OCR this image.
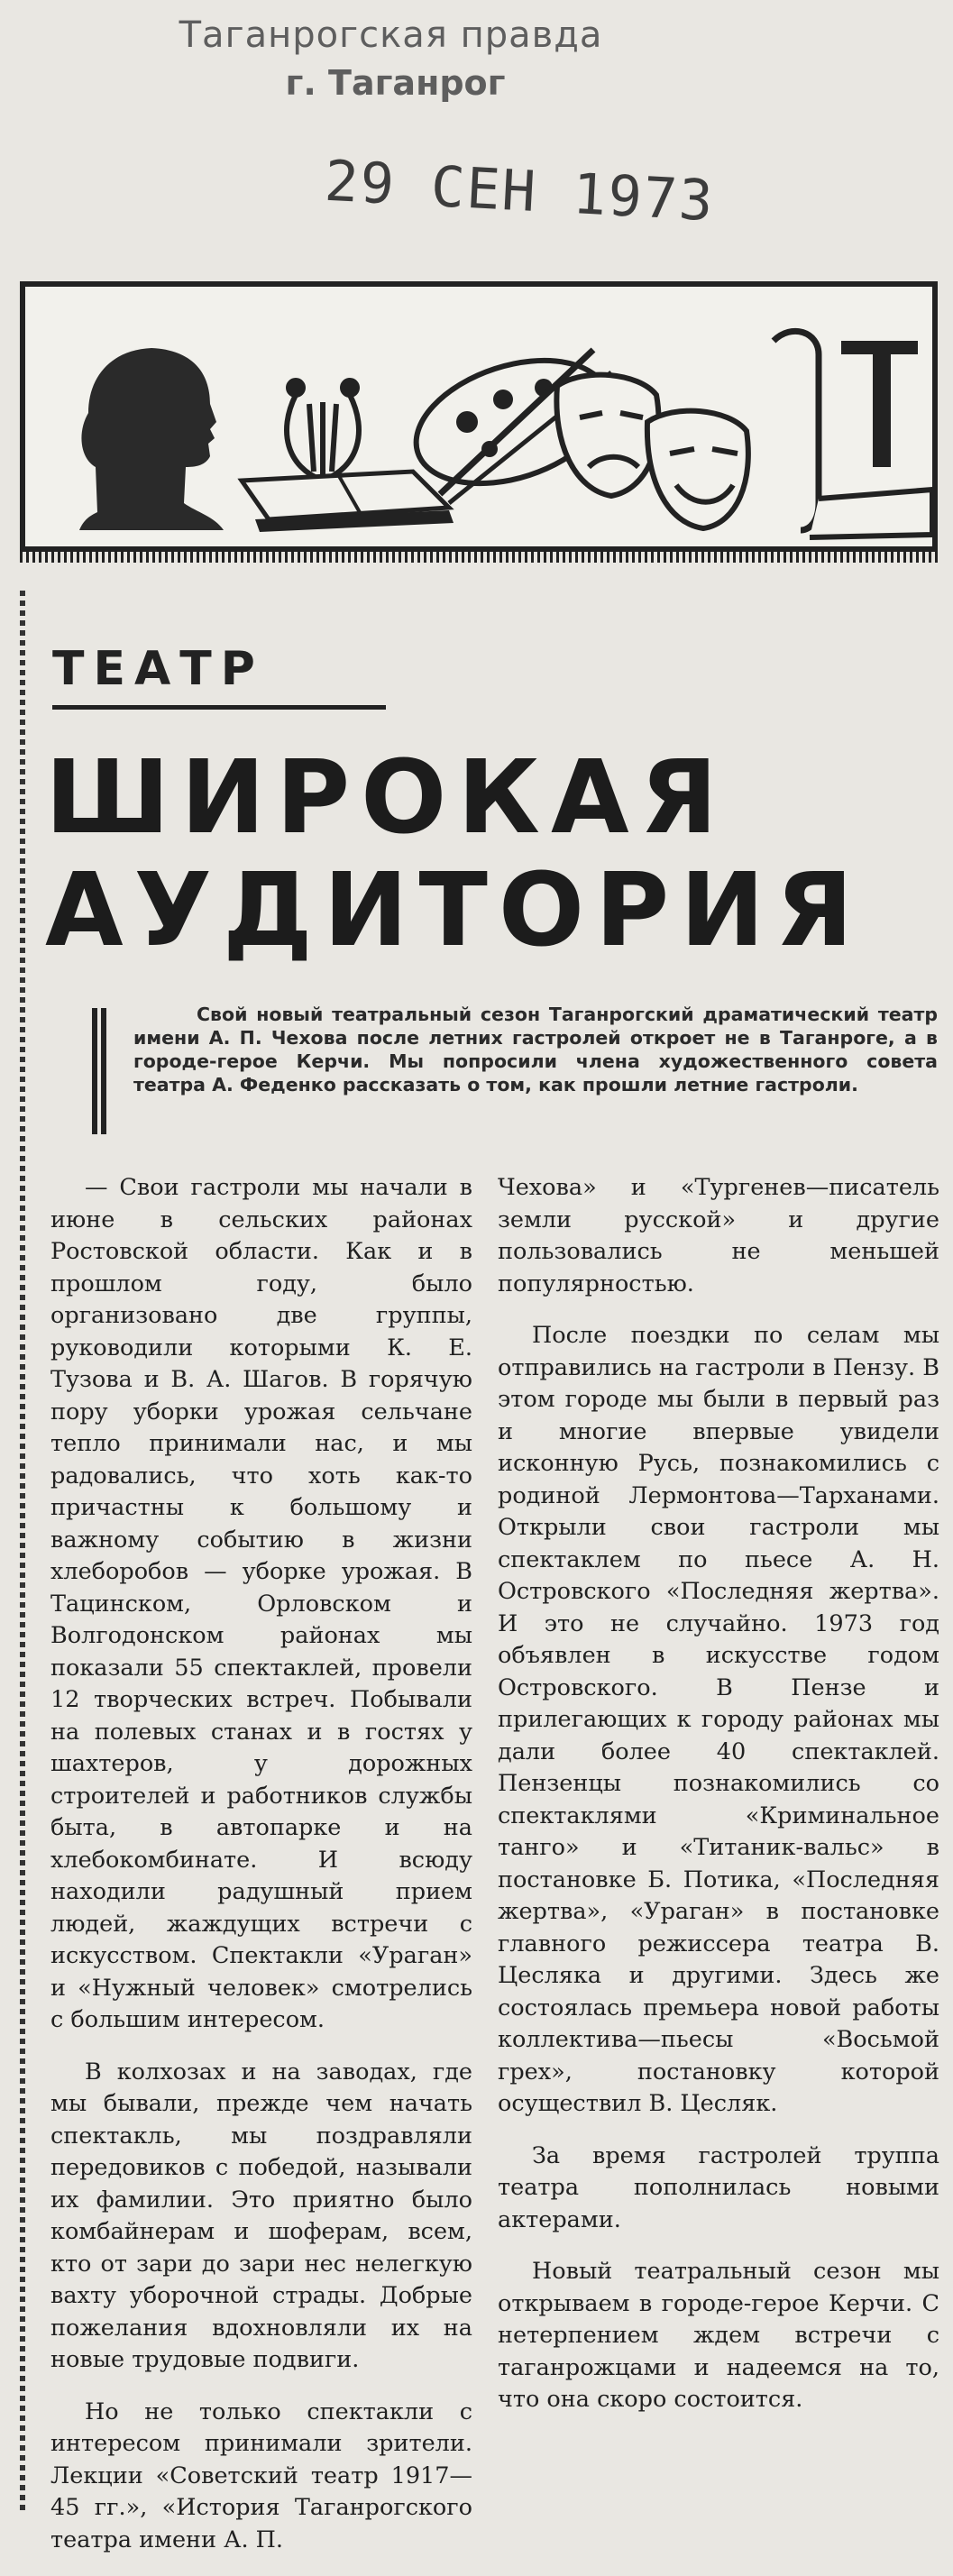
Таганрогская правда
г. Таганрог
29 СЕН 1973
ТЕАТР
ШИРОКАЯ
АУДИТОРИЯ

Свой новый театральный сезон Таганрогский драматический театр имени А. П. Чехова после летних гастролей откроет не в Таганроге, а в городе-герое Керчи. Мы попросили члена художественного совета театра А. Феденко рассказать о том, как прошли летние гастроли.

— Свои гастроли мы начали в июне в сельских районах Ростовской области. Как и в прошлом году, было организовано две группы, руководили которыми К. Е. Тузова и В. А. Шагов. В горячую пору уборки урожая сельчане тепло принимали нас, и мы радовались, что хоть как-то причастны к большому и важному событию в жизни хлеборобов — уборке урожая. В Тацинском, Орловском и Волгодонском районах мы показали 55 спектаклей, провели 12 творческих встреч. Побывали на полевых станах и в гостях у шахтеров, у дорожных строителей и работников службы быта, в автопарке и на хлебокомбинате. И всюду находили радушный прием людей, жаждущих встречи с искусством. Спектакли «Ураган» и «Нужный человек» смотрелись с большим интересом.

В колхозах и на заводах, где мы бывали, прежде чем начать спектакль, мы поздравляли передовиков с победой, называли их фамилии. Это приятно было комбайнерам и шоферам, всем, кто от зари до зари нес нелегкую вахту уборочной страды. Добрые пожелания вдохновляли их на новые трудовые подвиги.

Но не только спектакли с интересом принимали зрители. Лекции «Советский театр 1917—45 гг.», «История Таганрогского театра имени А. П.

Чехова» и «Тургенев—писатель земли русской» и другие пользовались не меньшей популярностью.

После поездки по селам мы отправились на гастроли в Пензу. В этом городе мы были в первый раз и многие впервые увидели исконную Русь, познакомились с родиной Лермонтова—Тарханами. Открыли свои гастроли мы спектаклем по пьесе А. Н. Островского «Последняя жертва». И это не случайно. 1973 год объявлен в искусстве годом Островского. В Пензе и прилегающих к городу районах мы дали более 40 спектаклей. Пензенцы познакомились со спектаклями «Криминальное танго» и «Титаник-вальс» в постановке Б. Потика, «Последняя жертва», «Ураган» в постановке главного режиссера театра В. Цесляка и другими. Здесь же состоялась премьера новой работы коллектива—пьесы «Восьмой грех», постановку которой осуществил В. Цесляк.

За время гастролей труппа театра пополнилась новыми актерами.

Новый театральный сезон мы открываем в городе-герое Керчи. С нетерпением ждем встречи с таганрожцами и надеемся на то, что она скоро состоится.
